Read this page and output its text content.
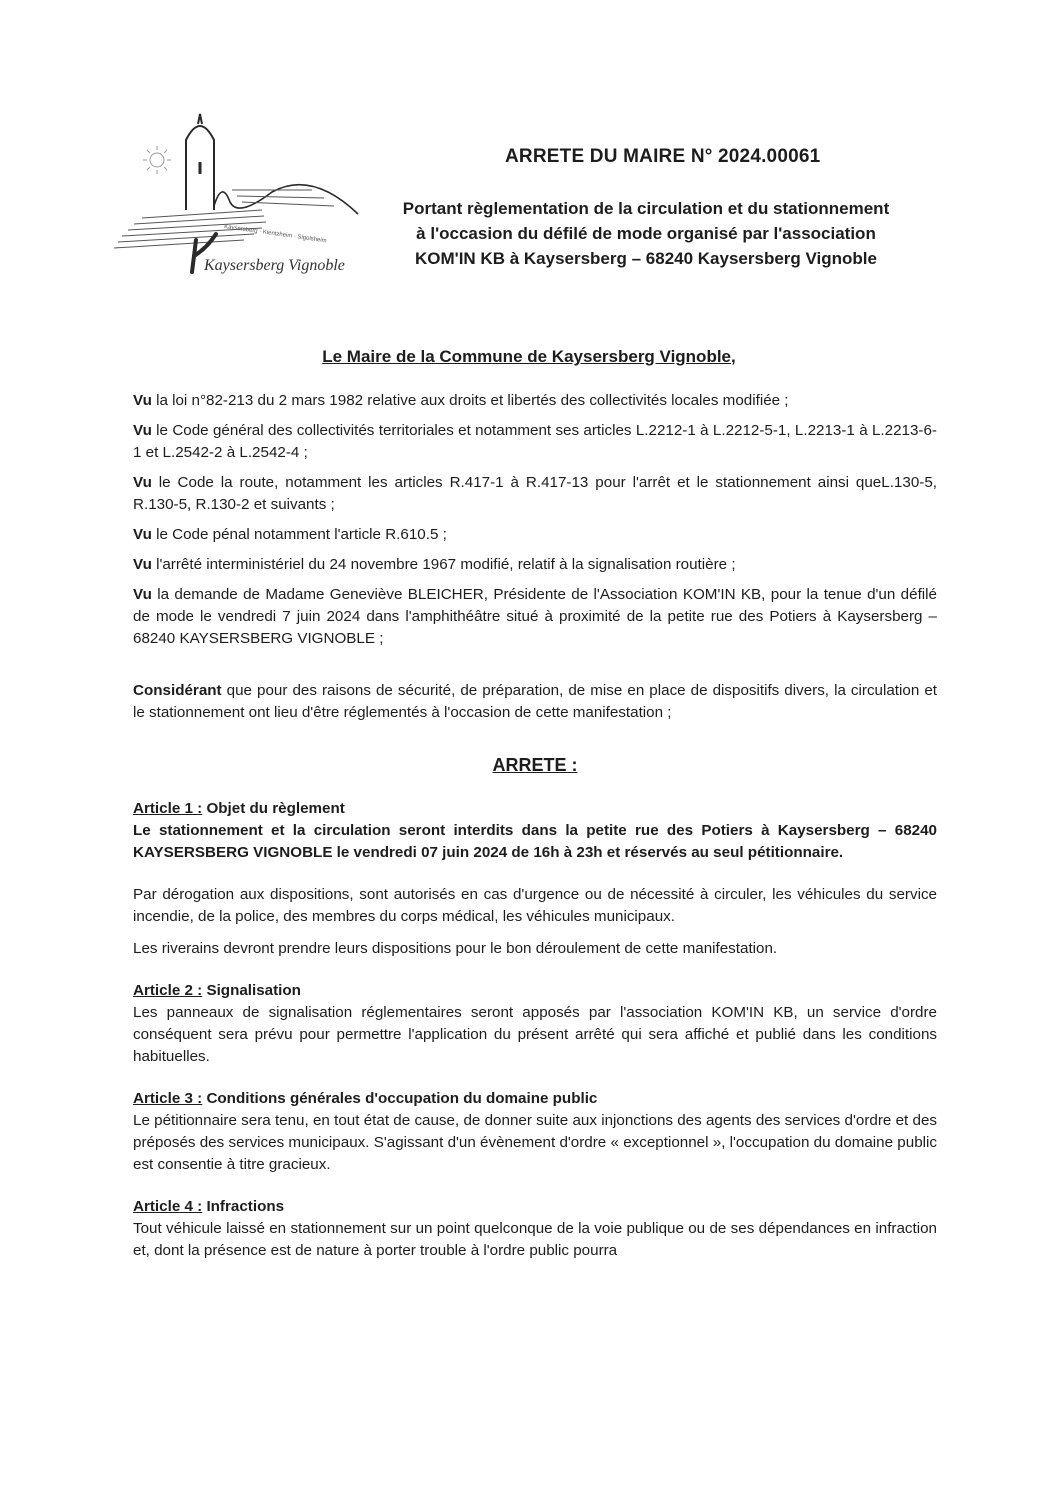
Kaysersberg · Kientzheim · Sigolsheim
Kaysersberg Vignoble
ARRETE DU MAIRE N° 2024.00061
Portant règlementation de la circulation et du stationnement
à l'occasion du défilé de mode organisé par l'association
KOM'IN KB à Kaysersberg – 68240 Kaysersberg Vignoble
Le Maire de la Commune de Kaysersberg Vignoble,

Vu la loi n°82-213 du 2 mars 1982 relative aux droits et libertés des collectivités locales modifiée ;

Vu le Code général des collectivités territoriales et notamment ses articles L.2212-1 à L.2212-5-1, L.2213-1 à L.2213-6-1 et L.2542-2 à L.2542-4 ;

Vu le Code la route, notamment les articles R.417-1 à R.417-13 pour l'arrêt et le stationnement ainsi queL.130-5, R.130-5, R.130-2 et suivants ;

Vu le Code pénal notamment l'article R.610.5 ;

Vu l'arrêté interministériel du 24 novembre 1967 modifié, relatif à la signalisation routière ;

Vu la demande de Madame Geneviève BLEICHER, Présidente de l'Association KOM'IN KB, pour la tenue d'un défilé de mode le vendredi 7 juin 2024 dans l'amphithéâtre situé à proximité de la petite rue des Potiers à Kaysersberg – 68240 KAYSERSBERG VIGNOBLE ;

Considérant que pour des raisons de sécurité, de préparation, de mise en place de dispositifs divers, la circulation et le stationnement ont lieu d'être réglementés à l'occasion de cette manifestation ;

ARRETE :

Article 1 : Objet du règlement

Le stationnement et la circulation seront interdits dans la petite rue des Potiers à Kaysersberg – 68240 KAYSERSBERG VIGNOBLE le vendredi 07 juin 2024 de 16h à 23h et réservés au seul pétitionnaire.

Par dérogation aux dispositions, sont autorisés en cas d'urgence ou de nécessité à circuler, les véhicules du service incendie, de la police, des membres du corps médical, les véhicules municipaux.

Les riverains devront prendre leurs dispositions pour le bon déroulement de cette manifestation.

Article 2 : Signalisation

Les panneaux de signalisation réglementaires seront apposés par l'association KOM'IN KB, un service d'ordre conséquent sera prévu pour permettre l'application du présent arrêté qui sera affiché et publié dans les conditions habituelles.

Article 3 : Conditions générales d'occupation du domaine public

Le pétitionnaire sera tenu, en tout état de cause, de donner suite aux injonctions des agents des services d'ordre et des préposés des services municipaux. S'agissant d'un évènement d'ordre « exceptionnel », l'occupation du domaine public est consentie à titre gracieux.

Article 4 : Infractions

Tout véhicule laissé en stationnement sur un point quelconque de la voie publique ou de ses dépendances en infraction et, dont la présence est de nature à porter trouble à l'ordre public pourra
